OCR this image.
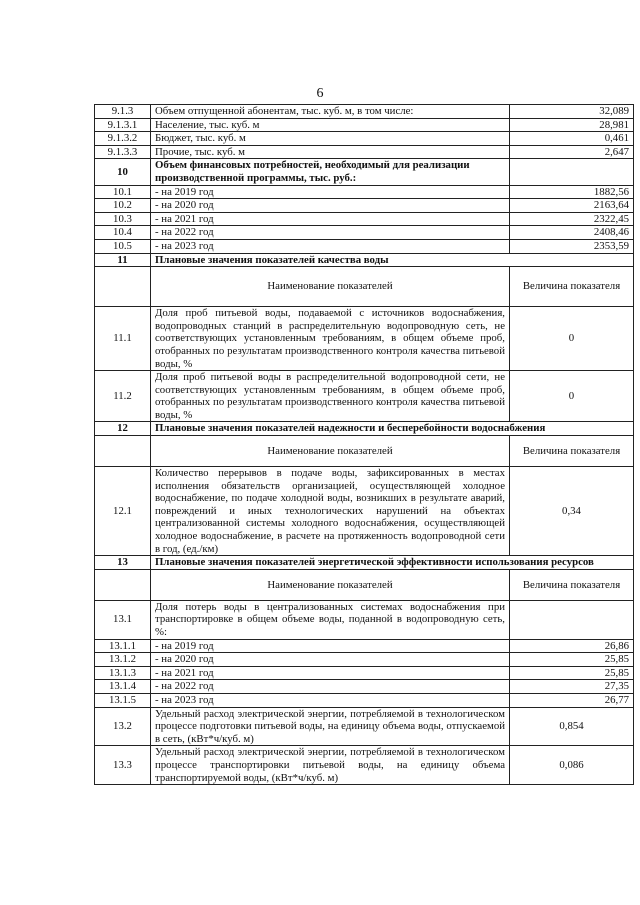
6
9.1.3	Объем отпущенной абонентам, тыс. куб. м, в том числе:	32,089
9.1.3.1	Население, тыс. куб. м	28,981
9.1.3.2	Бюджет, тыс. куб. м	0,461
9.1.3.3	Прочие, тыс. куб. м	2,647
10	Объем финансовых потребностей, необходимый для реализации производственной программы, тыс. руб.:	
10.1	- на 2019 год	1882,56
10.2	- на 2020 год	2163,64
10.3	- на 2021 год	2322,45
10.4	- на 2022 год	2408,46
10.5	- на 2023 год	2353,59
11	Плановые значения показателей качества воды	
	Наименование показателей	Величина показателя
11.1	Доля проб питьевой воды, подаваемой с источников водоснабжения, водопроводных станций в распределительную водопроводную сеть, не соответствующих установленным требованиям, в общем объеме проб, отобранных по результатам производственного контроля качества питьевой воды, %	0
11.2	Доля проб питьевой воды в распределительной водопроводной сети, не соответствующих установленным требованиям, в общем объеме проб, отобранных по результатам производственного контроля качества питьевой воды, %	0
12	Плановые значения показателей надежности и бесперебойности водоснабжения	
	Наименование показателей	Величина показателя
12.1	Количество перерывов в подаче воды, зафиксированных в местах исполнения обязательств организацией, осуществляющей холодное водоснабжение, по подаче холодной воды, возникших в результате аварий, повреждений и иных технологических нарушений на объектах централизованной системы холодного водоснабжения, осуществляющей холодное водоснабжение, в расчете на протяженность водопроводной сети в год, (ед./км)	0,34
13	Плановые значения показателей энергетической эффективности использования ресурсов	
	Наименование показателей	Величина показателя
13.1	Доля потерь воды в централизованных системах водоснабжения при транспортировке в общем объеме воды, поданной в водопроводную сеть, %:	
13.1.1	- на 2019 год	26,86
13.1.2	- на 2020 год	25,85
13.1.3	- на 2021 год	25,85
13.1.4	- на 2022 год	27,35
13.1.5	- на 2023 год	26,77
13.2	Удельный расход электрической энергии, потребляемой в технологическом процессе подготовки питьевой воды, на единицу объема воды, отпускаемой в сеть, (кВт*ч/куб. м)	0,854
13.3	Удельный расход электрической энергии, потребляемой в технологическом процессе транспортировки питьевой воды, на единицу объема транспортируемой воды, (кВт*ч/куб. м)	0,086
